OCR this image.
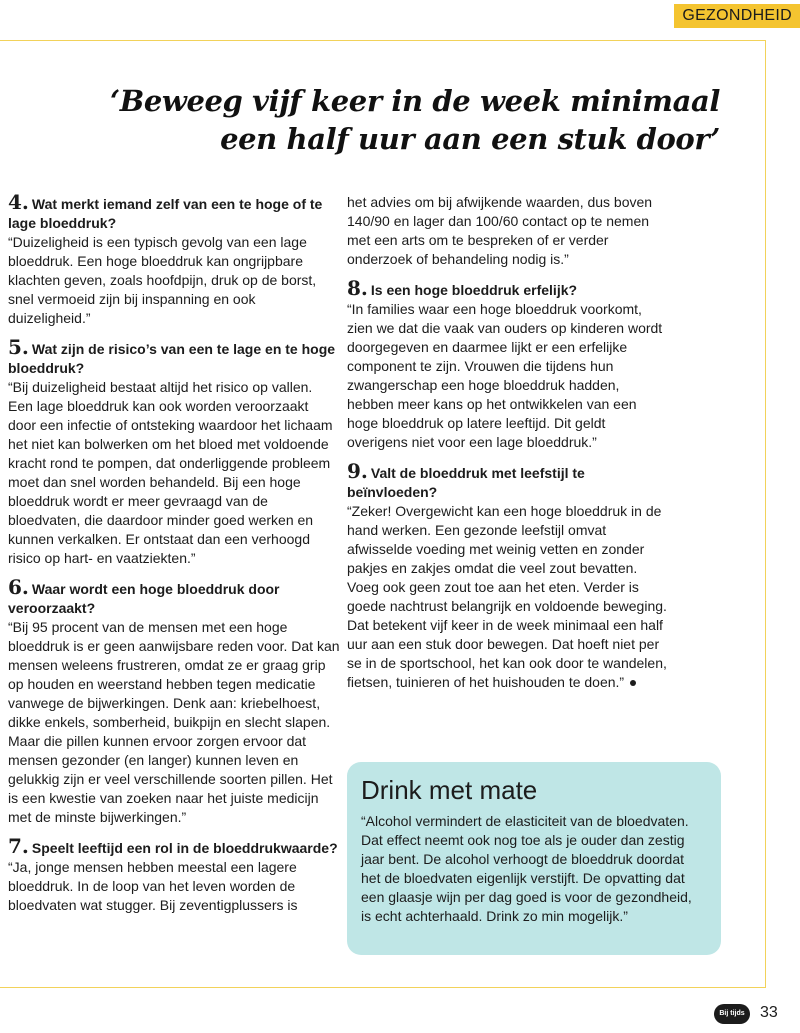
GEZONDHEID
‘Beweeg vijf keer in de week minimaal
een half uur aan een stuk door’

4. Wat merkt iemand zelf van een te hoge of te lage bloeddruk?

“Duizeligheid is een typisch gevolg van een lage bloeddruk. Een hoge bloeddruk kan ongrijpbare klachten geven, zoals hoofdpijn, druk op de borst, snel vermoeid zijn bij inspanning en ook duizeligheid.”

5. Wat zijn de risico’s van een te lage en te hoge bloeddruk?

“Bij duizeligheid bestaat altijd het risico op vallen. Een lage bloeddruk kan ook worden veroorzaakt door een infectie of ontsteking waardoor het lichaam het niet kan bolwerken om het bloed met voldoende kracht rond te pompen, dat onderliggende probleem moet dan snel worden behandeld. Bij een hoge bloeddruk wordt er meer gevraagd van de bloedvaten, die daardoor minder goed werken en kunnen verkalken. Er ontstaat dan een verhoogd risico op hart- en vaatziekten.”

6. Waar wordt een hoge bloeddruk door veroorzaakt?

“Bij 95 procent van de mensen met een hoge bloeddruk is er geen aanwijsbare reden voor. Dat kan mensen weleens frustreren, omdat ze er graag grip op houden en weerstand hebben tegen medicatie vanwege de bijwerkingen. Denk aan: kriebelhoest, dikke enkels, somberheid, buikpijn en slecht slapen. Maar die pillen kunnen ervoor zorgen ervoor dat mensen gezonder (en langer) kunnen leven en gelukkig zijn er veel verschillende soorten pillen. Het is een kwestie van zoeken naar het juiste medicijn met de minste bijwerkingen.”

7. Speelt leeftijd een rol in de bloeddrukwaarde?

“Ja, jonge mensen hebben meestal een lagere bloeddruk. In de loop van het leven worden de bloedvaten wat stugger. Bij zeventigplussers is

het advies om bij afwijkende waarden, dus boven 140/90 en lager dan 100/60 contact op te nemen met een arts om te bespreken of er verder onderzoek of behandeling nodig is.”

8. Is een hoge bloeddruk erfelijk?

“In families waar een hoge bloeddruk voorkomt, zien we dat die vaak van ouders op kinderen wordt doorgegeven en daarmee lijkt er een erfelijke component te zijn. Vrouwen die tijdens hun zwangerschap een hoge bloeddruk hadden, hebben meer kans op het ontwikkelen van een hoge bloeddruk op latere leeftijd. Dit geldt overigens niet voor een lage bloeddruk.”

9. Valt de bloeddruk met leefstijl te beïnvloeden?

“Zeker! Overgewicht kan een hoge bloeddruk in de hand werken. Een gezonde leefstijl omvat afwisselde voeding met weinig vetten en zonder pakjes en zakjes omdat die veel zout bevatten. Voeg ook geen zout toe aan het eten. Verder is goede nachtrust belangrijk en voldoende beweging. Dat betekent vijf keer in de week minimaal een half uur aan een stuk door bewegen. Dat hoeft niet per se in de sportschool, het kan ook door te wandelen, fietsen, tuinieren of het huishouden te doen.”

Drink met mate

“Alcohol vermindert de elasticiteit van de bloedvaten. Dat effect neemt ook nog toe als je ouder dan zestig jaar bent. De alcohol verhoogt de bloeddruk doordat het de bloedvaten eigenlijk verstijft. De opvatting dat een glaasje wijn per dag goed is voor de gezondheid, is echt achterhaald. Drink zo min mogelijk.”

Bij tijds 33
